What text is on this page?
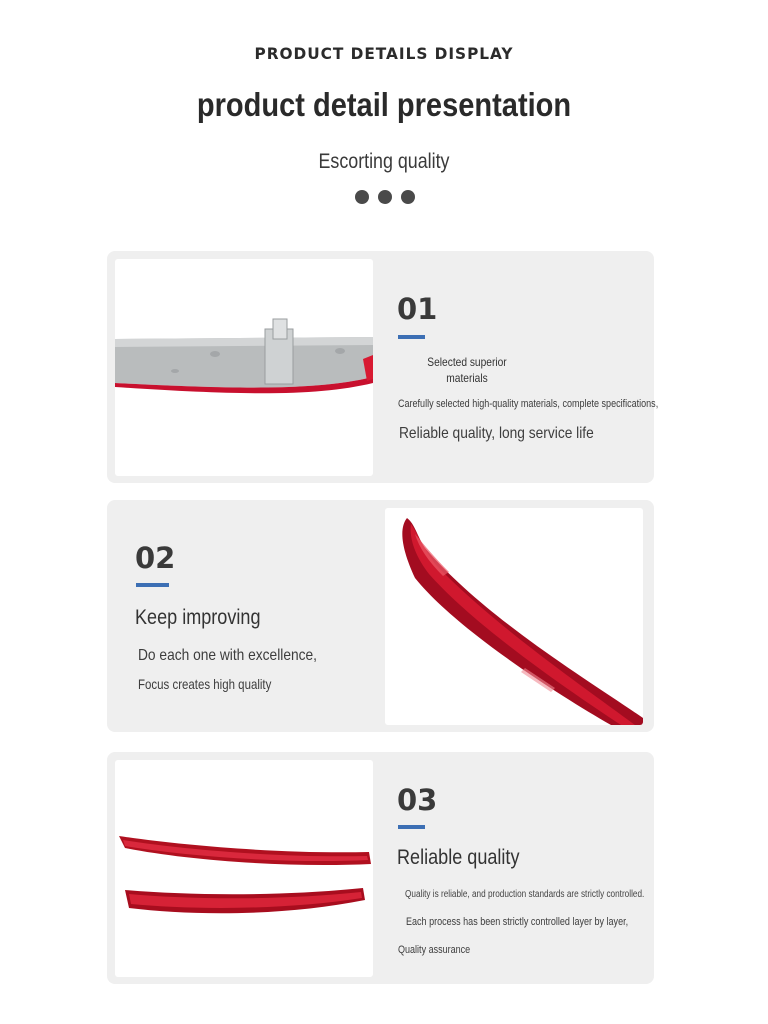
PRODUCT DETAILS DISPLAY
product detail presentation
Escorting quality
01
Selected superior
materials
Carefully selected high-quality materials, complete specifications,
Reliable quality, long service life
02
Keep improving
Do each one with excellence,
Focus creates high quality
03
Reliable quality
Quality is reliable, and production standards are strictly controlled.
Each process has been strictly controlled layer by layer,
Quality assurance
